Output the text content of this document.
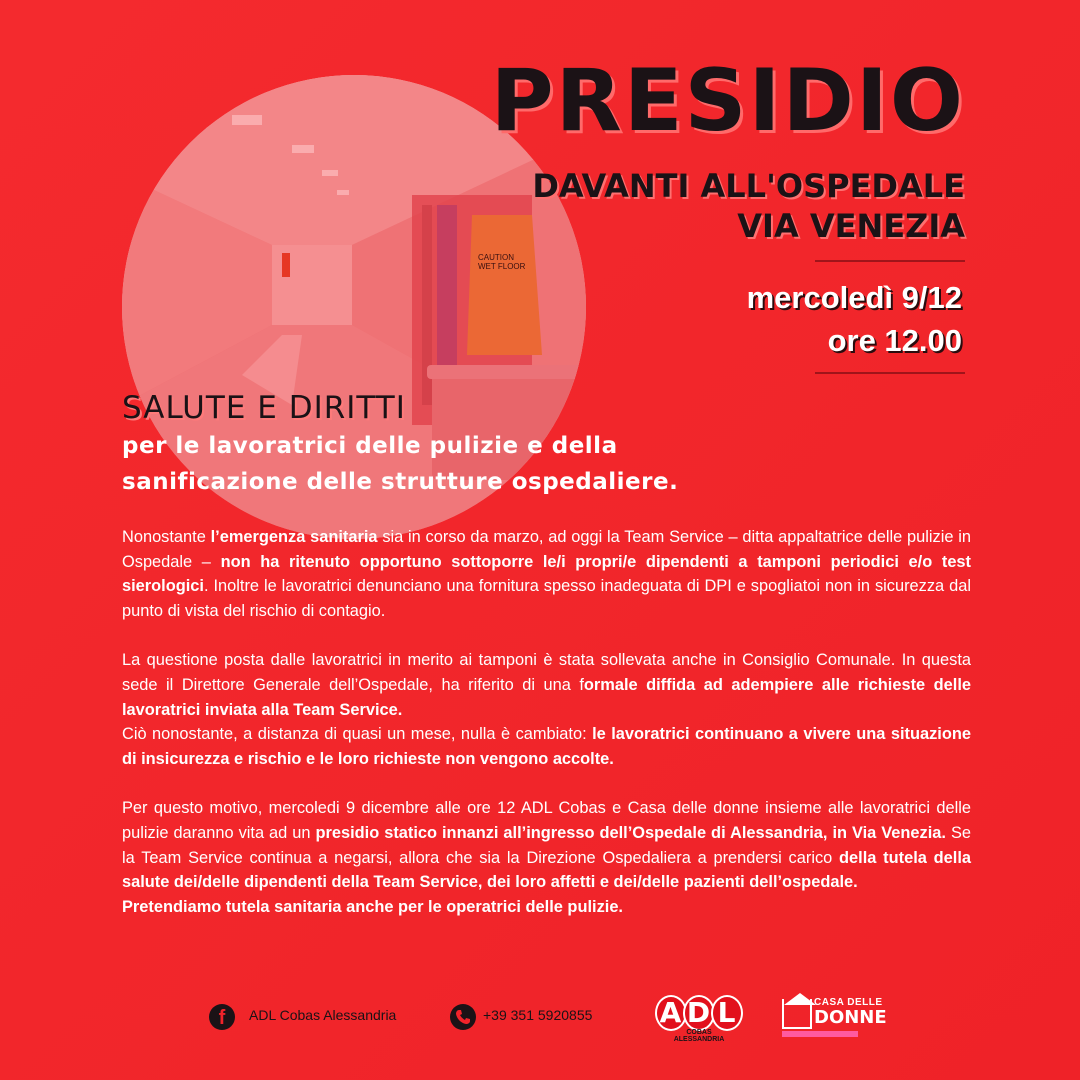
CAUTION
WET FLOOR
PRESIDIO
DAVANTI ALL'OSPEDALE
VIA VENEZIA
mercoledì 9/12
ore 12.00
SALUTE E DIRITTI
per le lavoratrici delle pulizie e della
sanificazione delle strutture ospedaliere.

Nonostante l’emergenza sanitaria sia in corso da marzo, ad oggi la Team Service – ditta appaltatrice delle pulizie in Ospedale – non ha ritenuto opportuno sottoporre le/i propri/e dipendenti a tamponi periodici e/o test sierologici. Inoltre le lavoratrici denunciano una fornitura spesso inadeguata di DPI e spogliatoi non in sicurezza dal punto di vista del rischio di contagio.

La questione posta dalle lavoratrici in merito ai tamponi è stata sollevata anche in Consiglio Comunale. In questa sede il Direttore Generale dell’Ospedale, ha riferito di una formale diffida ad adempiere alle richieste delle lavoratrici inviata alla Team Service.
Ciò nonostante, a distanza di quasi un mese, nulla è cambiato: le lavoratrici continuano a vivere una situazione di insicurezza e rischio e le loro richieste non vengono accolte.

Per questo motivo, mercoledi 9 dicembre alle ore 12 ADL Cobas e Casa delle donne insieme alle lavoratrici delle pulizie daranno vita ad un presidio statico innanzi all’ingresso dell’Ospedale di Alessandria, in Via Venezia. Se la Team Service continua a negarsi, allora che sia la Direzione Ospedaliera a prendersi carico della tutela della salute dei/delle dipendenti della Team Service, dei loro affetti e dei/delle pazienti dell’ospedale.
Pretendiamo tutela sanitaria anche per le operatrici delle pulizie.

f	ADL Cobas Alessandria	+39 351 5920855	A D L
COBAS ALESSANDRIA
CASA DELLE
DONNE
